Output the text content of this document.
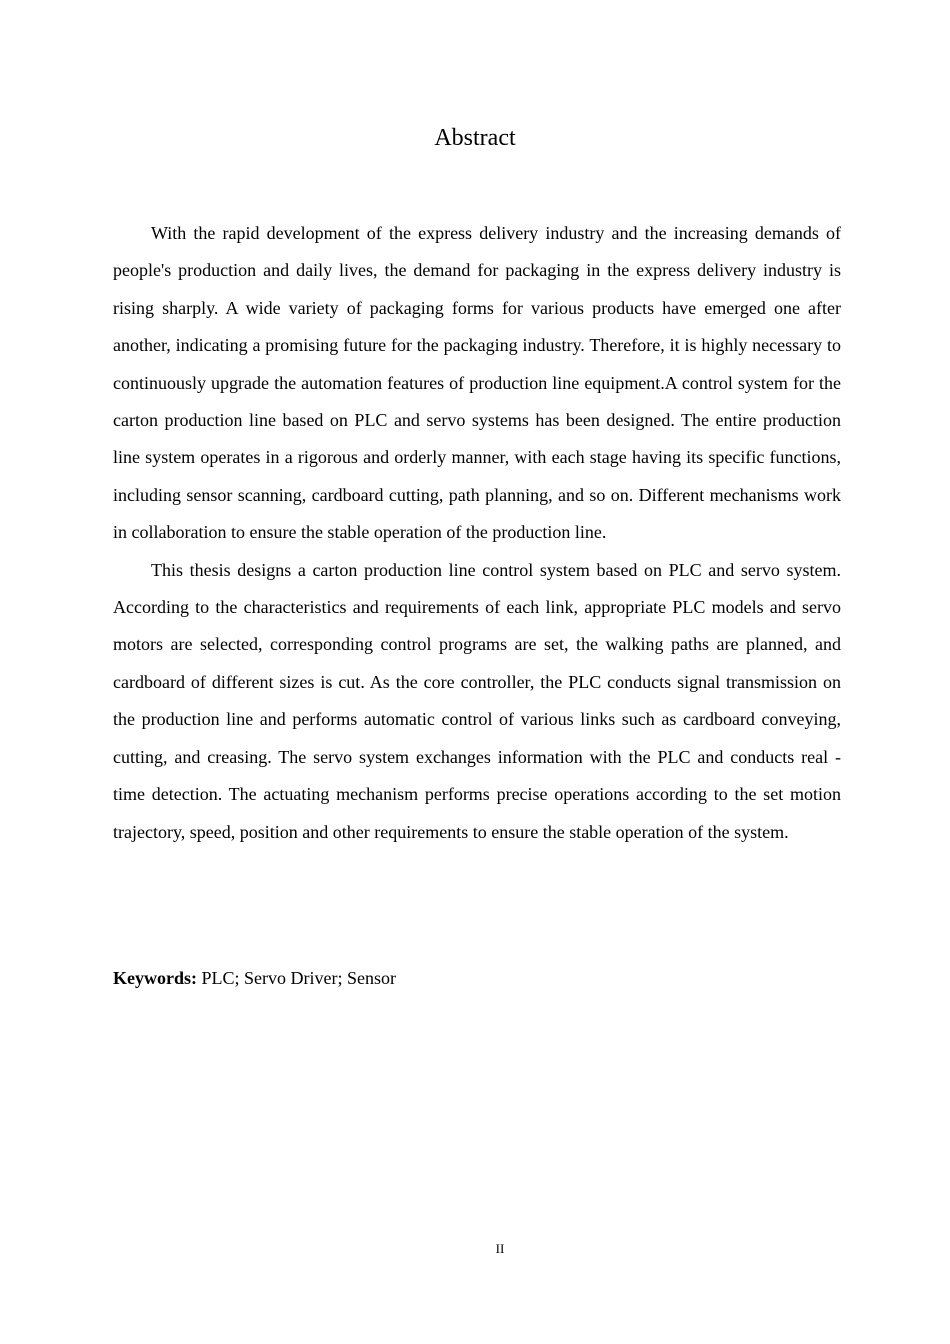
Abstract

With the rapid development of the express delivery industry and the increasing demands of people's production and daily lives, the demand for packaging in the express delivery industry is rising sharply. A wide variety of packaging forms for various products have emerged one after another, indicating a promising future for the packaging industry. Therefore, it is highly necessary to continuously upgrade the automation features of production line equipment.A control system for the carton production line based on PLC and servo systems has been designed. The entire production line system operates in a rigorous and orderly manner, with each stage having its specific functions, including sensor scanning, cardboard cutting, path planning, and so on. Different mechanisms work in collaboration to ensure the stable operation of the production line.

This thesis designs a carton production line control system based on PLC and servo system. According to the characteristics and requirements of each link, appropriate PLC models and servo motors are selected, corresponding control programs are set, the walking paths are planned, and cardboard of different sizes is cut. As the core controller, the PLC conducts signal transmission on the production line and performs automatic control of various links such as cardboard conveying, cutting, and creasing. The servo system exchanges information with the PLC and conducts real - time detection. The actuating mechanism performs precise operations according to the set motion trajectory, speed, position and other requirements to ensure the stable operation of the system.

Keywords: PLC; Servo Driver; Sensor
II
